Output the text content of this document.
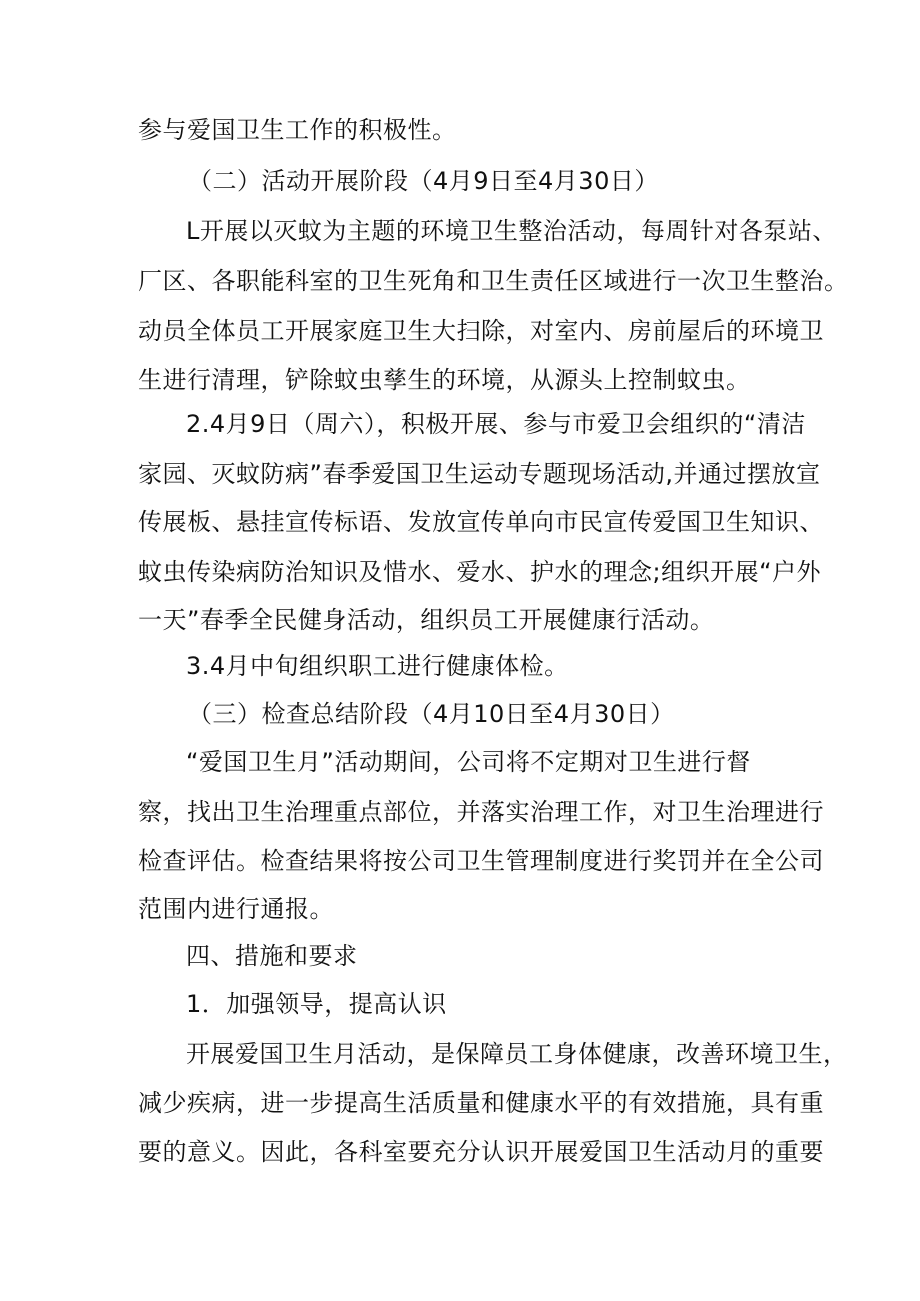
参与爱国卫生工作的积极性。
（二）活动开展阶段（4月9日至4月30日）
L开展以灭蚊为主题的环境卫生整治活动，每周针对各泵站、
厂区、各职能科室的卫生死角和卫生责任区域进行一次卫生整治。
动员全体员工开展家庭卫生大扫除，对室内、房前屋后的环境卫
生进行清理，铲除蚊虫孳生的环境，从源头上控制蚊虫。
2.4月9日（周六），积极开展、参与市爱卫会组织的“清洁
家园、灭蚊防病”春季爱国卫生运动专题现场活动,并通过摆放宣
传展板、悬挂宣传标语、发放宣传单向市民宣传爱国卫生知识、
蚊虫传染病防治知识及惜水、爱水、护水的理念;组织开展“户外
一天”春季全民健身活动，组织员工开展健康行活动。
3.4月中旬组织职工进行健康体检。
（三）检查总结阶段（4月10日至4月30日）
“爱国卫生月”活动期间，公司将不定期对卫生进行督
察，找出卫生治理重点部位，并落实治理工作，对卫生治理进行
检查评估。检查结果将按公司卫生管理制度进行奖罚并在全公司
范围内进行通报。
四、措施和要求
1．加强领导，提高认识
开展爱国卫生月活动，是保障员工身体健康，改善环境卫生，
减少疾病，进一步提高生活质量和健康水平的有效措施，具有重
要的意义。因此，各科室要充分认识开展爱国卫生活动月的重要
